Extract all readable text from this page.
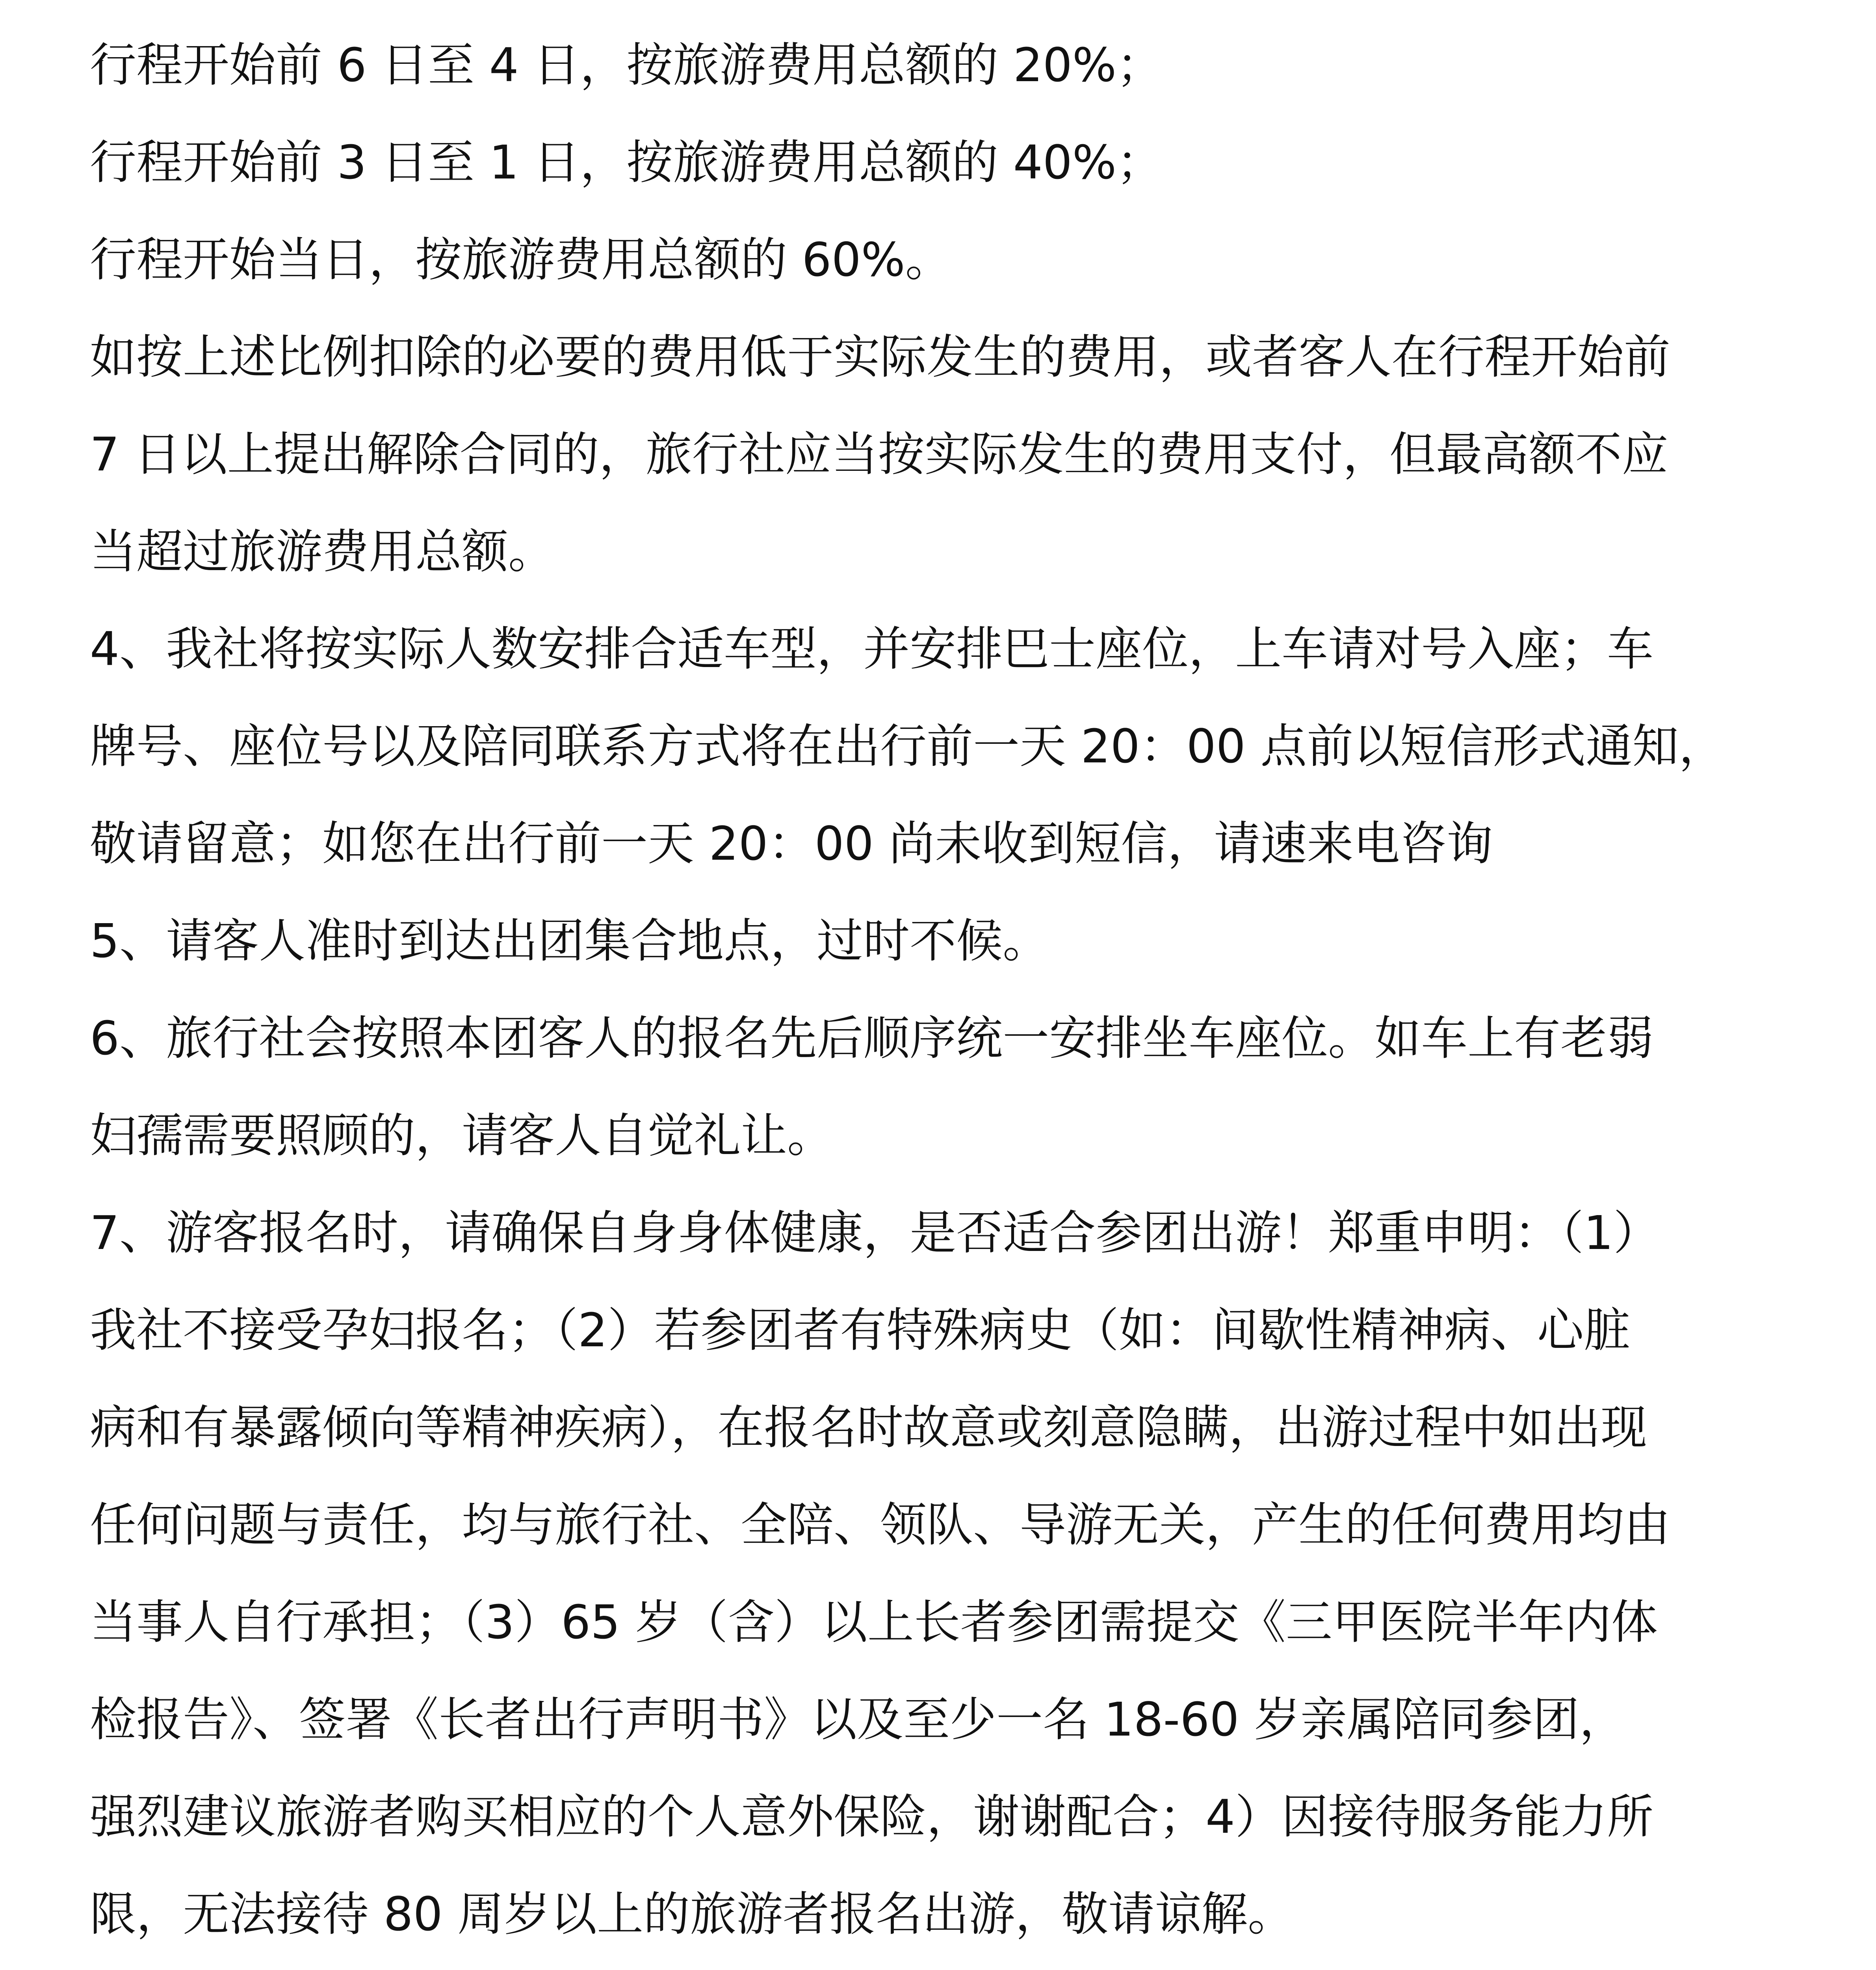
行程开始前 6 日至 4 日，按旅游费用总额的 20%；
行程开始前 3 日至 1 日，按旅游费用总额的 40%；
行程开始当日，按旅游费用总额的 60%。
如按上述比例扣除的必要的费用低于实际发生的费用，或者客人在行程开始前
7 日以上提出解除合同的，旅行社应当按实际发生的费用支付，但最高额不应
当超过旅游费用总额。
4、我社将按实际人数安排合适车型，并安排巴士座位，上车请对号入座；车
牌号、座位号以及陪同联系方式将在出行前一天 20：00 点前以短信形式通知，
敬请留意；如您在出行前一天 20：00 尚未收到短信，请速来电咨询
5、请客人准时到达出团集合地点，过时不候。
6、旅行社会按照本团客人的报名先后顺序统一安排坐车座位。如车上有老弱
妇孺需要照顾的，请客人自觉礼让。
7、游客报名时，请确保自身身体健康，是否适合参团出游！郑重申明：（1）
我社不接受孕妇报名；（2）若参团者有特殊病史（如：间歇性精神病、心脏
病和有暴露倾向等精神疾病），在报名时故意或刻意隐瞒，出游过程中如出现
任何问题与责任，均与旅行社、全陪、领队、导游无关，产生的任何费用均由
当事人自行承担；（3）65 岁（含）以上长者参团需提交《三甲医院半年内体
检报告》、签署《长者出行声明书》以及至少一名 18-60 岁亲属陪同参团，
强烈建议旅游者购买相应的个人意外保险，谢谢配合；4）因接待服务能力所
限，无法接待 80 周岁以上的旅游者报名出游，敬请谅解。
